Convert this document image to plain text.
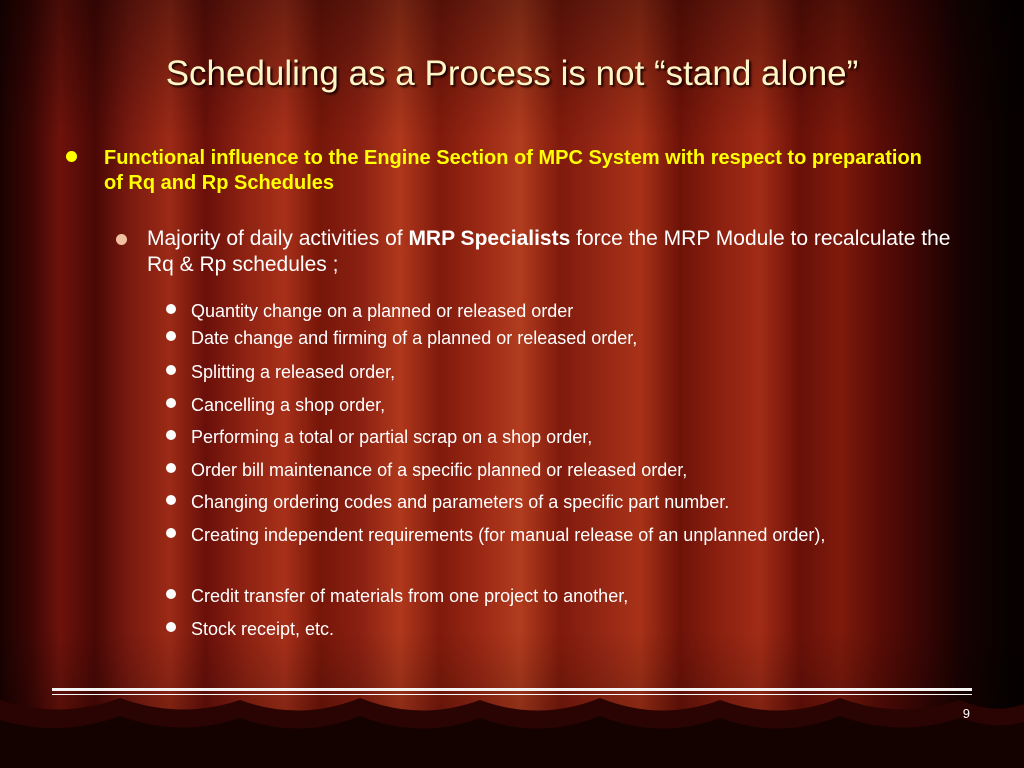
Scheduling as a Process is not “stand alone”
Functional influence to the Engine Section of MPC System with respect to preparation of Rq and Rp Schedules
Majority of daily activities of MRP Specialists force the MRP Module to recalculate the Rq & Rp schedules ;
Quantity change on a planned or released order
Date change and firming of a planned or released order,
Splitting a released order,
Cancelling a shop order,
Performing a total or partial scrap on a shop order,
Order bill maintenance of a specific planned or released order,
Changing ordering codes and parameters of a specific part number.
Creating independent requirements (for manual release of an unplanned order),
Credit transfer of materials from one project to another,
Stock receipt, etc.
9
